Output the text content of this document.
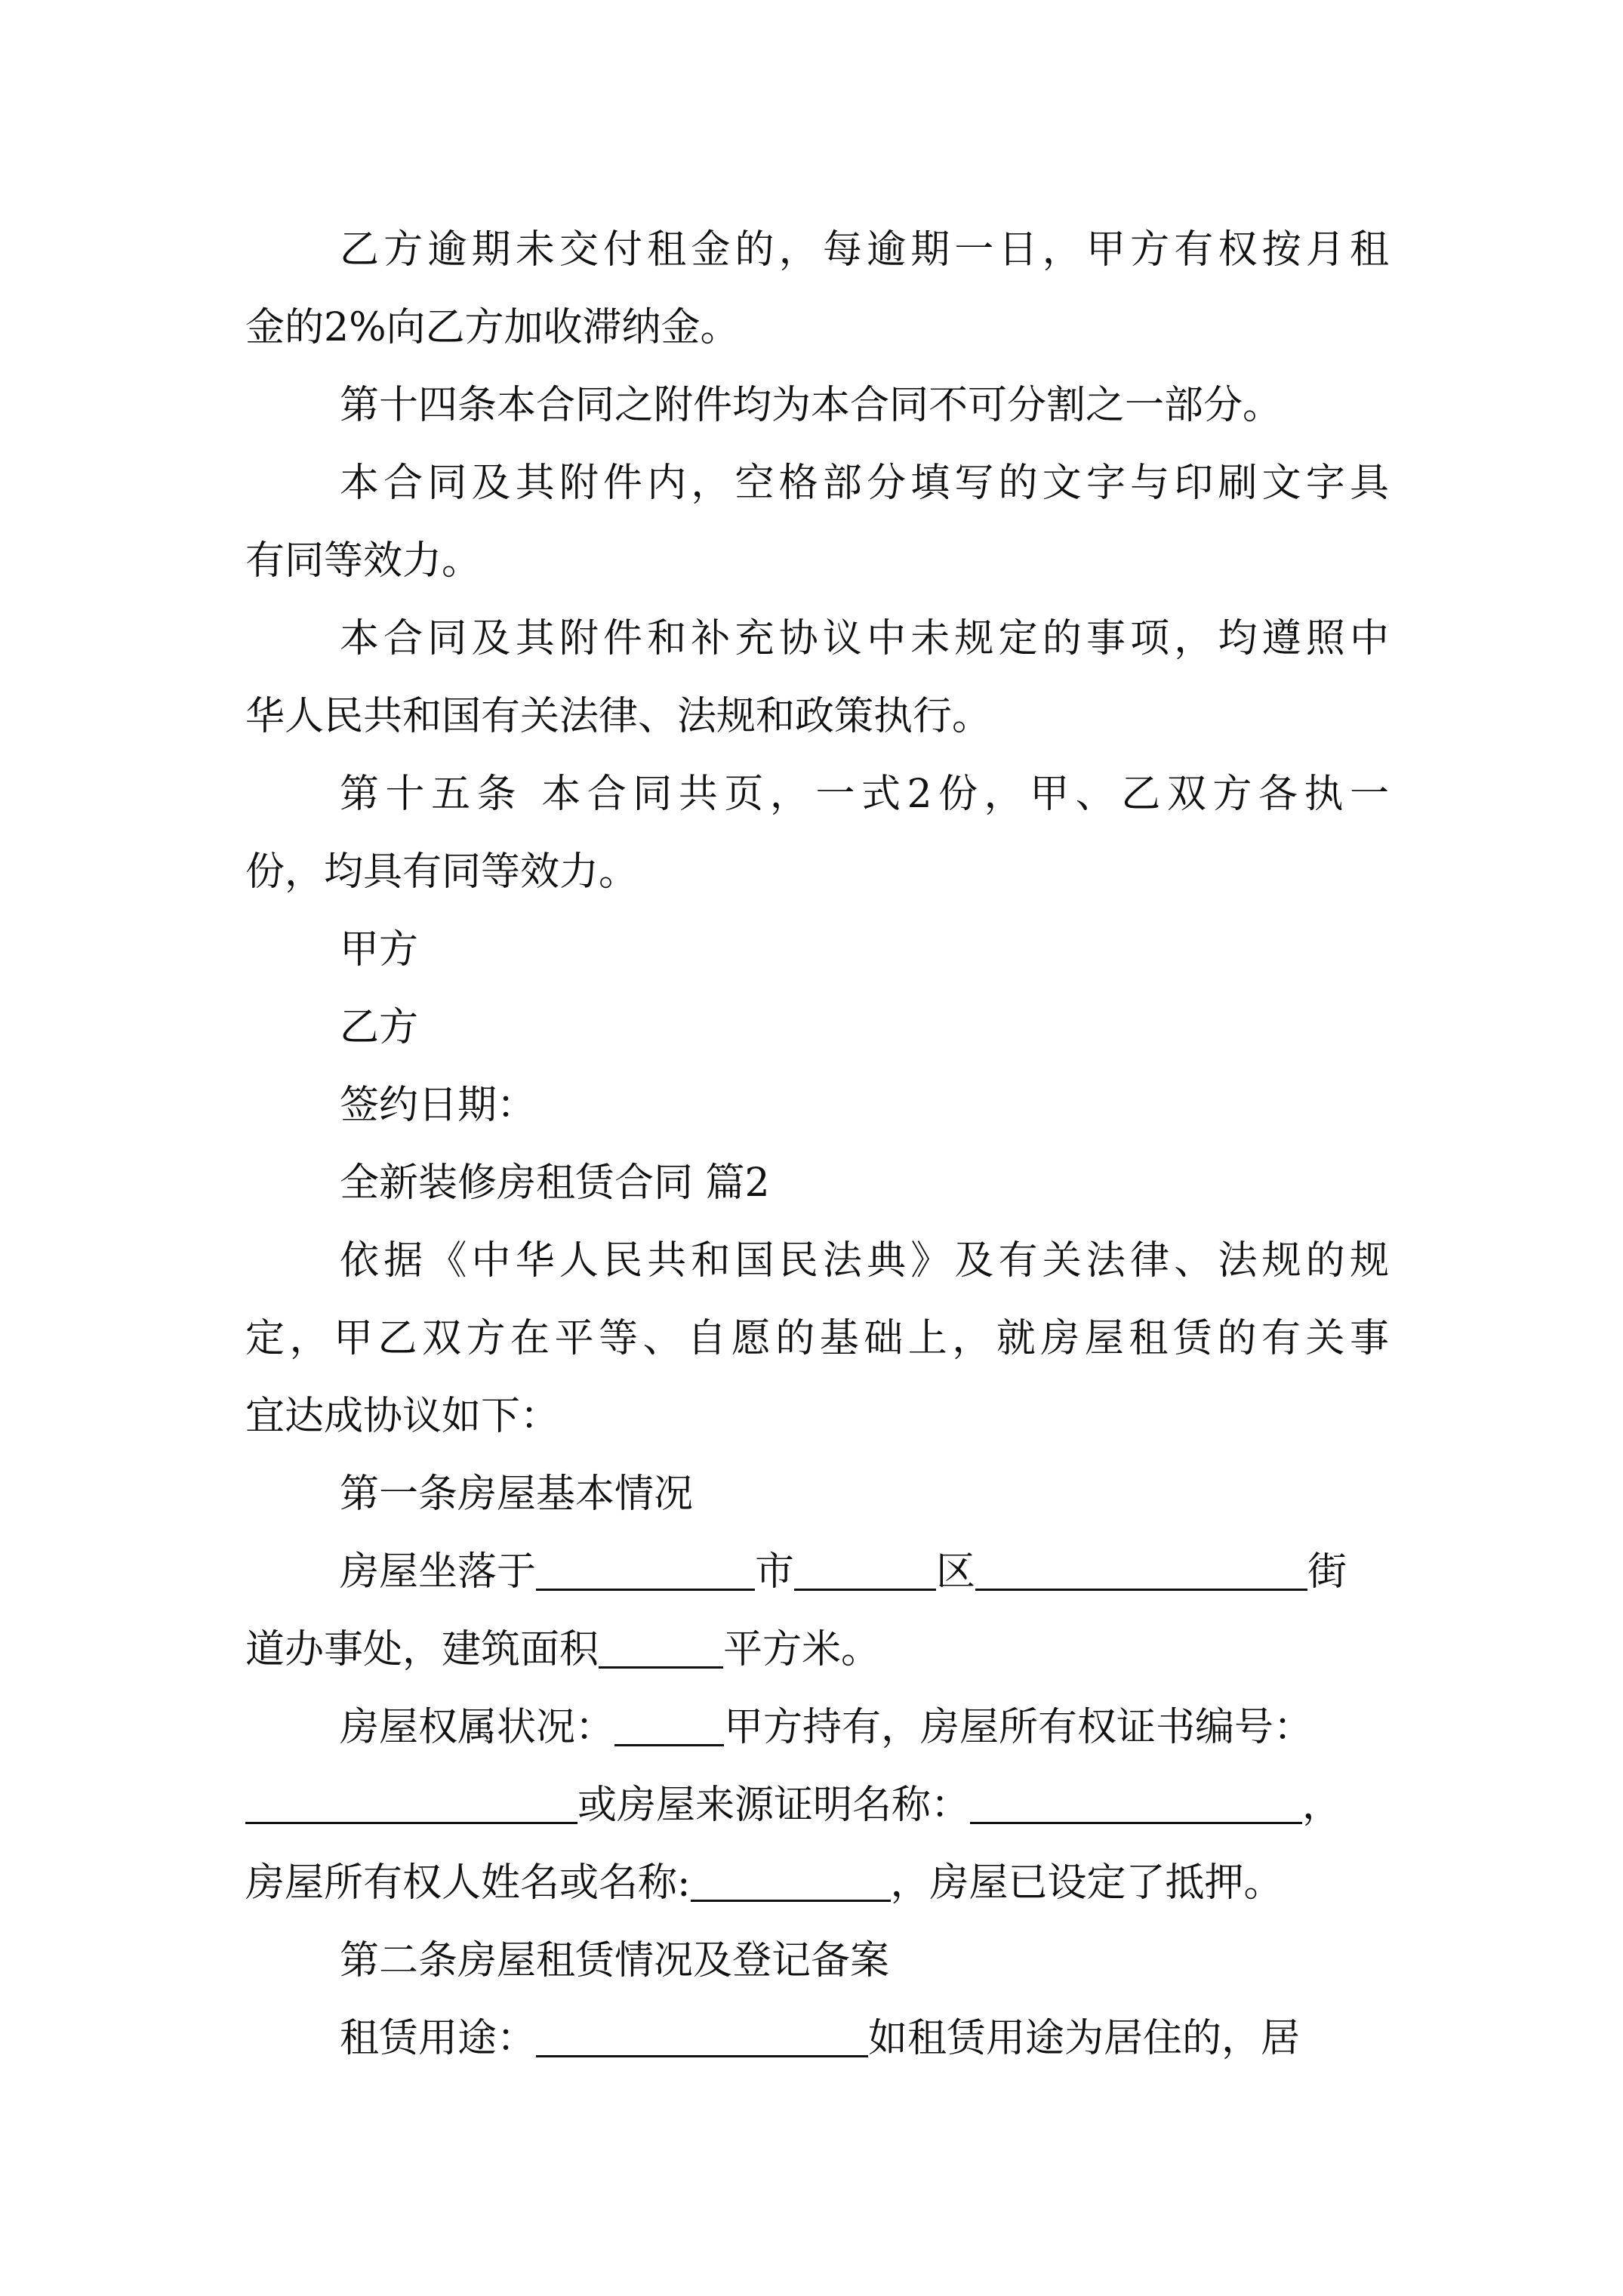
乙方逾期未交付租金的，每逾期一日，甲方有权按月租
金的2%向乙方加收滞纳金。
第十四条本合同之附件均为本合同不可分割之一部分。
本合同及其附件内，空格部分填写的文字与印刷文字具
有同等效力。
本合同及其附件和补充协议中未规定的事项，均遵照中
华人民共和国有关法律、法规和政策执行。
第十五条 本合同共页，一式2份，甲、乙双方各执一
份，均具有同等效力。
甲方
乙方
签约日期：
全新装修房租赁合同 篇2
依据《中华人民共和国民法典》及有关法律、法规的规
定，甲乙双方在平等、自愿的基础上，就房屋租赁的有关事
宜达成协议如下：
第一条房屋基本情况
房屋坐落于	市	区	街
道办事处，建筑面积	平方米。
房屋权属状况：	甲方持有，房屋所有权证书编号：
或房屋来源证明名称：	，
房屋所有权人姓名或名称:	，房屋已设定了抵押。
第二条房屋租赁情况及登记备案
租赁用途：	如租赁用途为居住的，居
